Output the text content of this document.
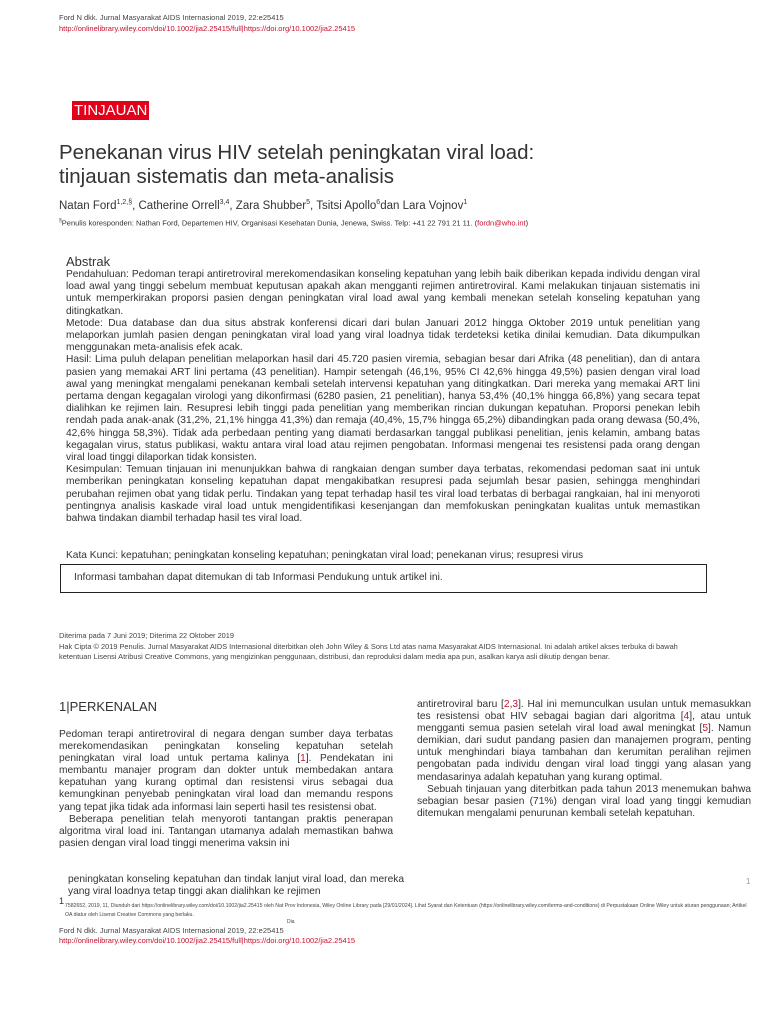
Ford N dkk. Jurnal Masyarakat AIDS Internasional 2019, 22:e25415
http://onlinelibrary.wiley.com/doi/10.1002/jia2.25415/full|https://doi.org/10.1002/jia2.25415
TINJAUAN
Penekanan virus HIV setelah peningkatan viral load:
tinjauan sistematis dan meta-analisis
Natan Ford$^{1,2,\S}$, Catherine Orrell$^{3,4}$, Zara Shubber$^5$, Tsitsi Apollo$^6$dan Lara Vojnov$^1$
§Penulis koresponden: Nathan Ford, Departemen HIV, Organisasi Kesehatan Dunia, Jenewa, Swiss. Telp: +41 22 791 21 11. (fordn@who.int)
Abstrak

Pendahuluan: Pedoman terapi antiretroviral merekomendasikan konseling kepatuhan yang lebih baik diberikan kepada individu dengan viral load awal yang tinggi sebelum membuat keputusan apakah akan mengganti rejimen antiretroviral. Kami melakukan tinjauan sistematis ini untuk memperkirakan proporsi pasien dengan peningkatan viral load awal yang kembali menekan setelah konseling kepatuhan yang ditingkatkan.

Metode: Dua database dan dua situs abstrak konferensi dicari dari bulan Januari 2012 hingga Oktober 2019 untuk penelitian yang melaporkan jumlah pasien dengan peningkatan viral load yang viral loadnya tidak terdeteksi ketika dinilai kemudian. Data dikumpulkan menggunakan meta-analisis efek acak.

Hasil: Lima puluh delapan penelitian melaporkan hasil dari 45.720 pasien viremia, sebagian besar dari Afrika (48 penelitian), dan di antara pasien yang memakai ART lini pertama (43 penelitian). Hampir setengah (46,1%, 95% CI 42,6% hingga 49,5%) pasien dengan viral load awal yang meningkat mengalami penekanan kembali setelah intervensi kepatuhan yang ditingkatkan. Dari mereka yang memakai ART lini pertama dengan kegagalan virologi yang dikonfirmasi (6280 pasien, 21 penelitian), hanya 53,4% (40,1% hingga 66,8%) yang secara tepat dialihkan ke rejimen lain. Resupresi lebih tinggi pada penelitian yang memberikan rincian dukungan kepatuhan. Proporsi penekan lebih rendah pada anak-anak (31,2%, 21,1% hingga 41,3%) dan remaja (40,4%, 15,7% hingga 65,2%) dibandingkan pada orang dewasa (50,4%, 42,6% hingga 58,3%). Tidak ada perbedaan penting yang diamati berdasarkan tanggal publikasi penelitian, jenis kelamin, ambang batas kegagalan virus, status publikasi, waktu antara viral load atau rejimen pengobatan. Informasi mengenai tes resistensi pada orang dengan viral load tinggi dilaporkan tidak konsisten.

Kesimpulan: Temuan tinjauan ini menunjukkan bahwa di rangkaian dengan sumber daya terbatas, rekomendasi pedoman saat ini untuk memberikan peningkatan konseling kepatuhan dapat mengakibatkan resupresi pada sejumlah besar pasien, sehingga menghindari perubahan rejimen obat yang tidak perlu. Tindakan yang tepat terhadap hasil tes viral load terbatas di berbagai rangkaian, hal ini menyoroti pentingnya analisis kaskade viral load untuk mengidentifikasi kesenjangan dan memfokuskan peningkatan kualitas untuk memastikan bahwa tindakan diambil terhadap hasil tes viral load.

Kata Kunci: kepatuhan; peningkatan konseling kepatuhan; peningkatan viral load; penekanan virus; resupresi virus
Informasi tambahan dapat ditemukan di tab Informasi Pendukung untuk artikel ini.
Diterima pada 7 Juni 2019; Diterima 22 Oktober 2019
Hak Cipta © 2019 Penulis. Jurnal Masyarakat AIDS Internasional diterbitkan oleh John Wiley & Sons Ltd atas nama Masyarakat AIDS Internasional. Ini adalah artikel akses terbuka di bawah ketentuan Lisensi Atribusi Creative Commons, yang mengizinkan penggunaan, distribusi, dan reproduksi dalam media apa pun, asalkan karya asli dikutip dengan benar.
1|PERKENALAN

Pedoman terapi antiretroviral di negara dengan sumber daya terbatas merekomendasikan peningkatan konseling kepatuhan setelah peningkatan viral load untuk pertama kalinya [1]. Pendekatan ini membantu manajer program dan dokter untuk membedakan antara kepatuhan yang kurang optimal dan resistensi virus sebagai dua kemungkinan penyebab peningkatan viral load dan memandu respons yang tepat jika tidak ada informasi lain seperti hasil tes resistensi obat.

Beberapa penelitian telah menyoroti tantangan praktis penerapan algoritma viral load ini. Tantangan utamanya adalah memastikan bahwa pasien dengan viral load tinggi menerima vaksin ini

peningkatan konseling kepatuhan dan tindak lanjut viral load, dan mereka yang viral loadnya tetap tinggi akan dialihkan ke rejimen

antiretroviral baru [2,3]. Hal ini memunculkan usulan untuk memasukkan tes resistensi obat HIV sebagai bagian dari algoritma [4], atau untuk mengganti semua pasien setelah viral load awal meningkat [5]. Namun demikian, dari sudut pandang pasien dan manajemen program, penting untuk menghindari biaya tambahan dan kerumitan peralihan rejimen pengobatan pada individu dengan viral load tinggi yang alasan yang mendasarinya adalah kepatuhan yang kurang optimal.

Sebuah tinjauan yang diterbitkan pada tahun 2013 menemukan bahwa sebagian besar pasien (71%) dengan viral load yang tinggi kemudian ditemukan mengalami penurunan kembali setelah kepatuhan.

1
1 7582652, 2019, 11, Diunduh dari https://onlinelibrary.wiley.com/doi/10.1002/jia2.25415 oleh Nat Prov Indonesia, Wiley Online Library pada [29/01/2024]. Lihat Syarat dan Ketentuan (https://onlinelibrary.wiley.com/terms-and-conditions) di Perpustakaan Online Wiley untuk aturan penggunaan; Artikel OA diatur oleh Lisensi Creative Commons yang berlaku.
Dia
Ford N dkk. Jurnal Masyarakat AIDS Internasional 2019, 22:e25415
http://onlinelibrary.wiley.com/doi/10.1002/jia2.25415/full|https://doi.org/10.1002/jia2.25415
